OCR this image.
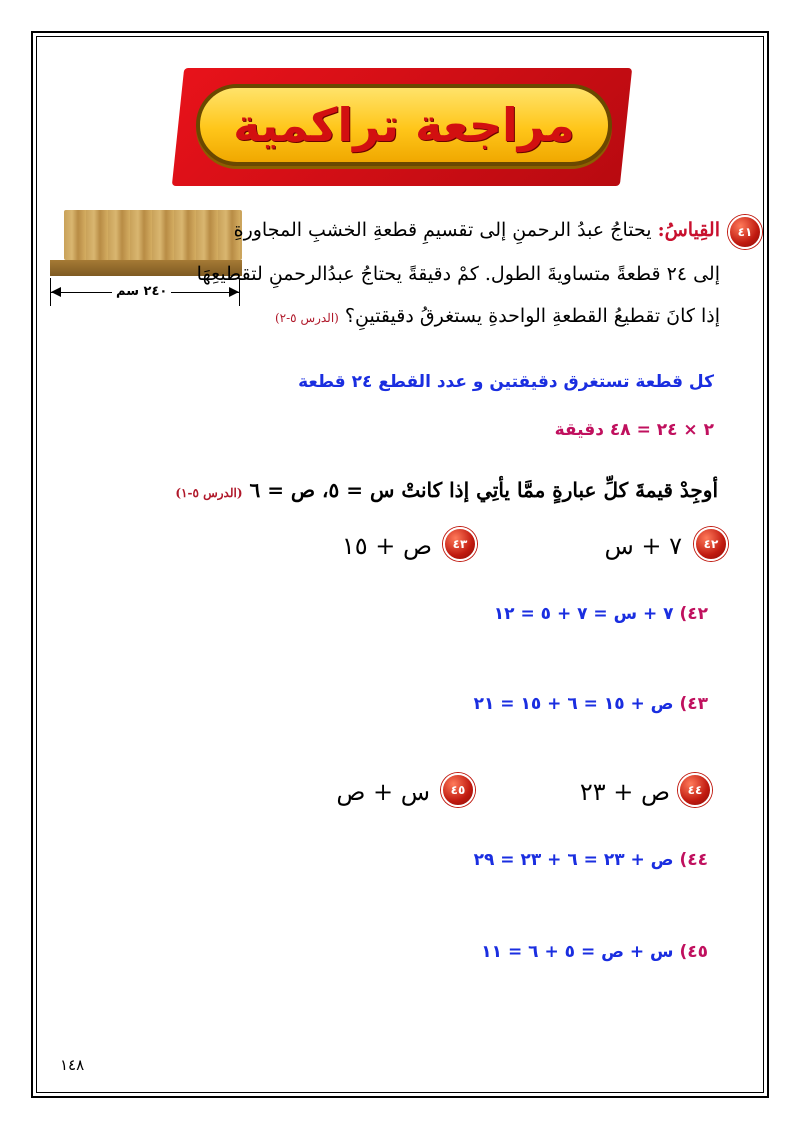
مراجعة تراكمية
٢٤٠ سم
٤١
القِياسُ: يحتاجُ عبدُ الرحمنِ إلى تقسيمِ قطعةِ الخشبِ المجاورةِ
إلى ٢٤ قطعةً متساويةَ الطول. كمْ دقيقةً يحتاجُ عبدُالرحمنِ لتقطيعِهَا
إذا كانَ تقطيعُ القطعةِ الواحدةِ يستغرقُ دقيقتينِ؟ (الدرس ٥-٢)
كل قطعة تستغرق دقيقتين و عدد القطع ٢٤ قطعة
٢ × ٢٤ = ٤٨ دقيقة
أوجِدْ قيمةَ كلِّ عبارةٍ ممَّا يأتِي إذا كانتْ س = ٥، ص = ٦ (الدرس ٥-١)
٤٢
٧ + س
٤٣
ص + ١٥
٤٢) ٧ + س = ٧ + ٥ = ١٢
٤٣) ص + ١٥ = ٦ + ١٥ = ٢١
٤٤
ص + ٢٣
٤٥
س + ص
٤٤) ص + ٢٣ = ٦ + ٢٣ = ٢٩
٤٥) س + ص = ٥ + ٦ = ١١
١٤٨
